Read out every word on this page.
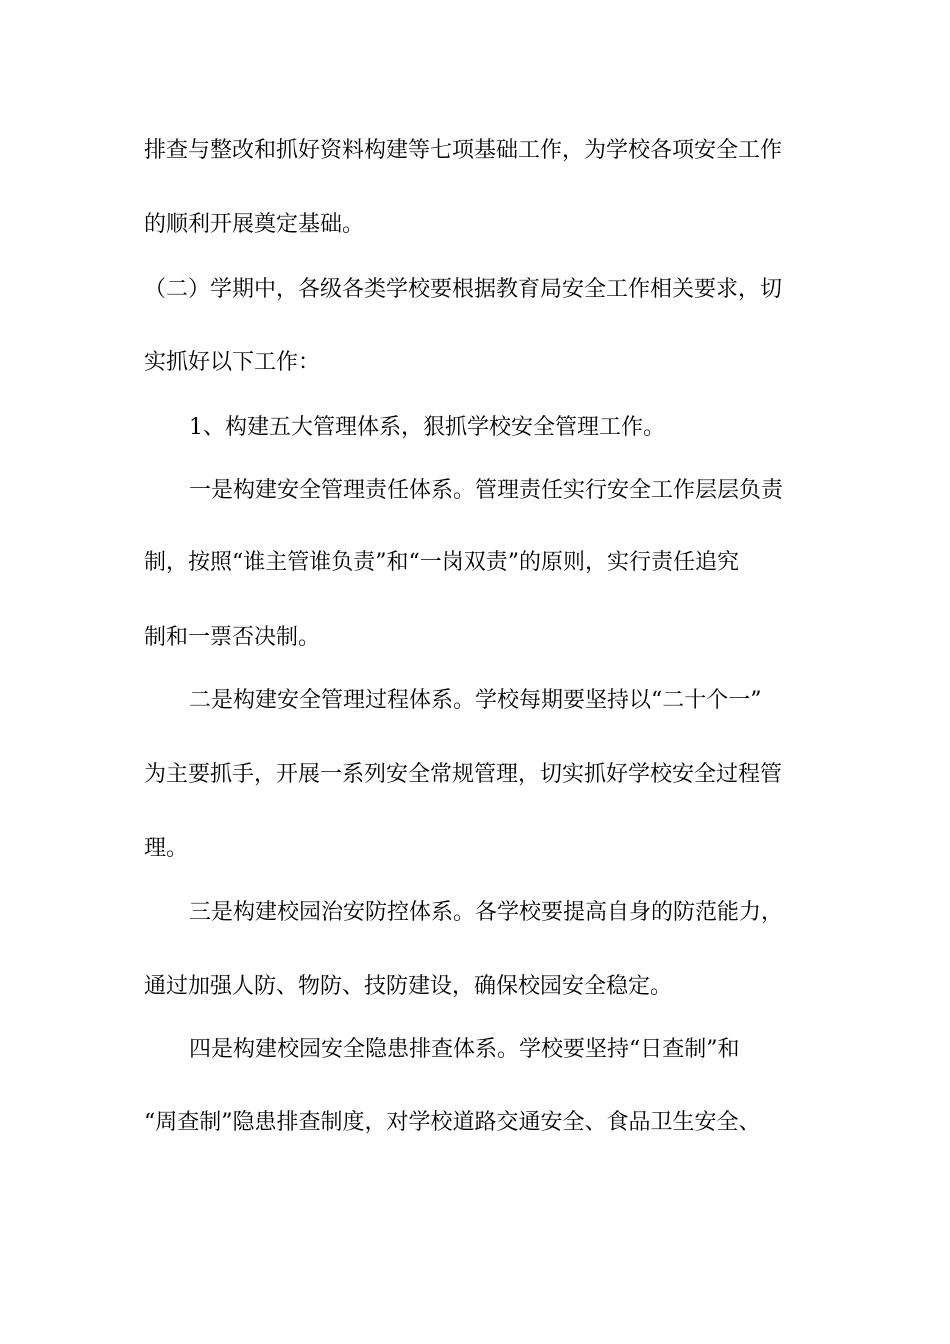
排查与整改和抓好资料构建等七项基础工作，为学校各项安全工作
的顺利开展奠定基础。
（二）学期中，各级各类学校要根据教育局安全工作相关要求，切
实抓好以下工作：
1、构建五大管理体系，狠抓学校安全管理工作。
一是构建安全管理责任体系。管理责任实行安全工作层层负责
制，按照“谁主管谁负责”和“一岗双责”的原则，实行责任追究
制和一票否决制。
二是构建安全管理过程体系。学校每期要坚持以“二十个一”
为主要抓手，开展一系列安全常规管理，切实抓好学校安全过程管
理。
三是构建校园治安防控体系。各学校要提高自身的防范能力，
通过加强人防、物防、技防建设，确保校园安全稳定。
四是构建校园安全隐患排查体系。学校要坚持“日查制”和
“周查制”隐患排查制度，对学校道路交通安全、食品卫生安全、
